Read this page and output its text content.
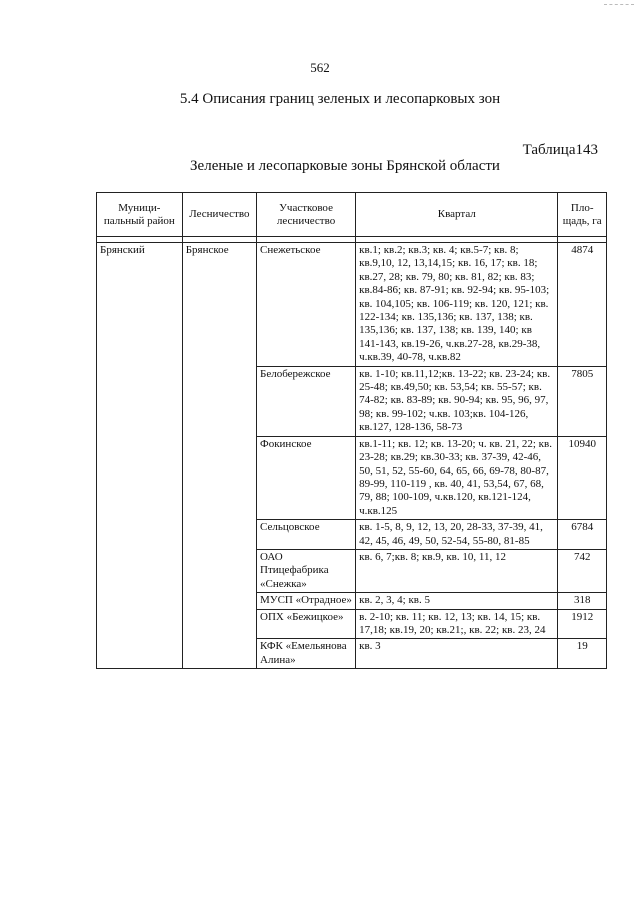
562
5.4 Описания границ зеленых и лесопарковых зон
Таблица143
Зеленые и лесопарковые зоны Брянской области
Муници-пальный район	Лесничество	Участковое лесничество	Квартал	Пло-щадь, га

Брянский	Брянское	Снежетьское	кв.1; кв.2; кв.3; кв. 4; кв.5-7; кв. 8; кв.9,10, 12, 13,14,15; кв. 16, 17; кв. 18; кв.27, 28; кв. 79, 80; кв. 81, 82; кв. 83; кв.84-86; кв. 87-91; кв. 92-94; кв. 95-103; кв. 104,105; кв. 106-119; кв. 120, 121; кв. 122-134; кв. 135,136; кв. 137, 138; кв. 135,136; кв. 137, 138; кв. 139, 140; кв 141-143, кв.19-26, ч.кв.27-28, кв.29-38, ч.кв.39, 40-78, ч.кв.82	4874
		Белобережское	кв. 1-10; кв.11,12;кв. 13-22; кв. 23-24; кв. 25-48; кв.49,50; кв. 53,54; кв. 55-57; кв. 74-82; кв. 83-89; кв. 90-94; кв. 95, 96, 97, 98; кв. 99-102; ч.кв. 103;кв. 104-126, кв.127, 128-136, 58-73	7805
		Фокинское	кв.1-11; кв. 12; кв. 13-20; ч. кв. 21, 22; кв. 23-28; кв.29; кв.30-33; кв. 37-39, 42-46, 50, 51, 52, 55-60, 64, 65, 66, 69-78, 80-87, 89-99, 110-119 , кв. 40, 41, 53,54, 67, 68, 79, 88; 100-109, ч.кв.120, кв.121-124, ч.кв.125	10940
		Сельцовское	кв. 1-5, 8, 9, 12, 13, 20, 28-33, 37-39, 41, 42, 45, 46, 49, 50, 52-54, 55-80, 81-85	6784
		ОАО Птицефабрика «Снежка»	кв. 6, 7;кв. 8; кв.9, кв. 10, 11, 12	742
		МУСП «Отрадное»	кв. 2, 3, 4; кв. 5	318
		ОПХ «Бежицкое»	в. 2-10; кв. 11; кв. 12, 13; кв. 14, 15; кв. 17,18; кв.19, 20; кв.21;, кв. 22; кв. 23, 24	1912
		КФК «Емельянова Алина»	кв. 3	19
